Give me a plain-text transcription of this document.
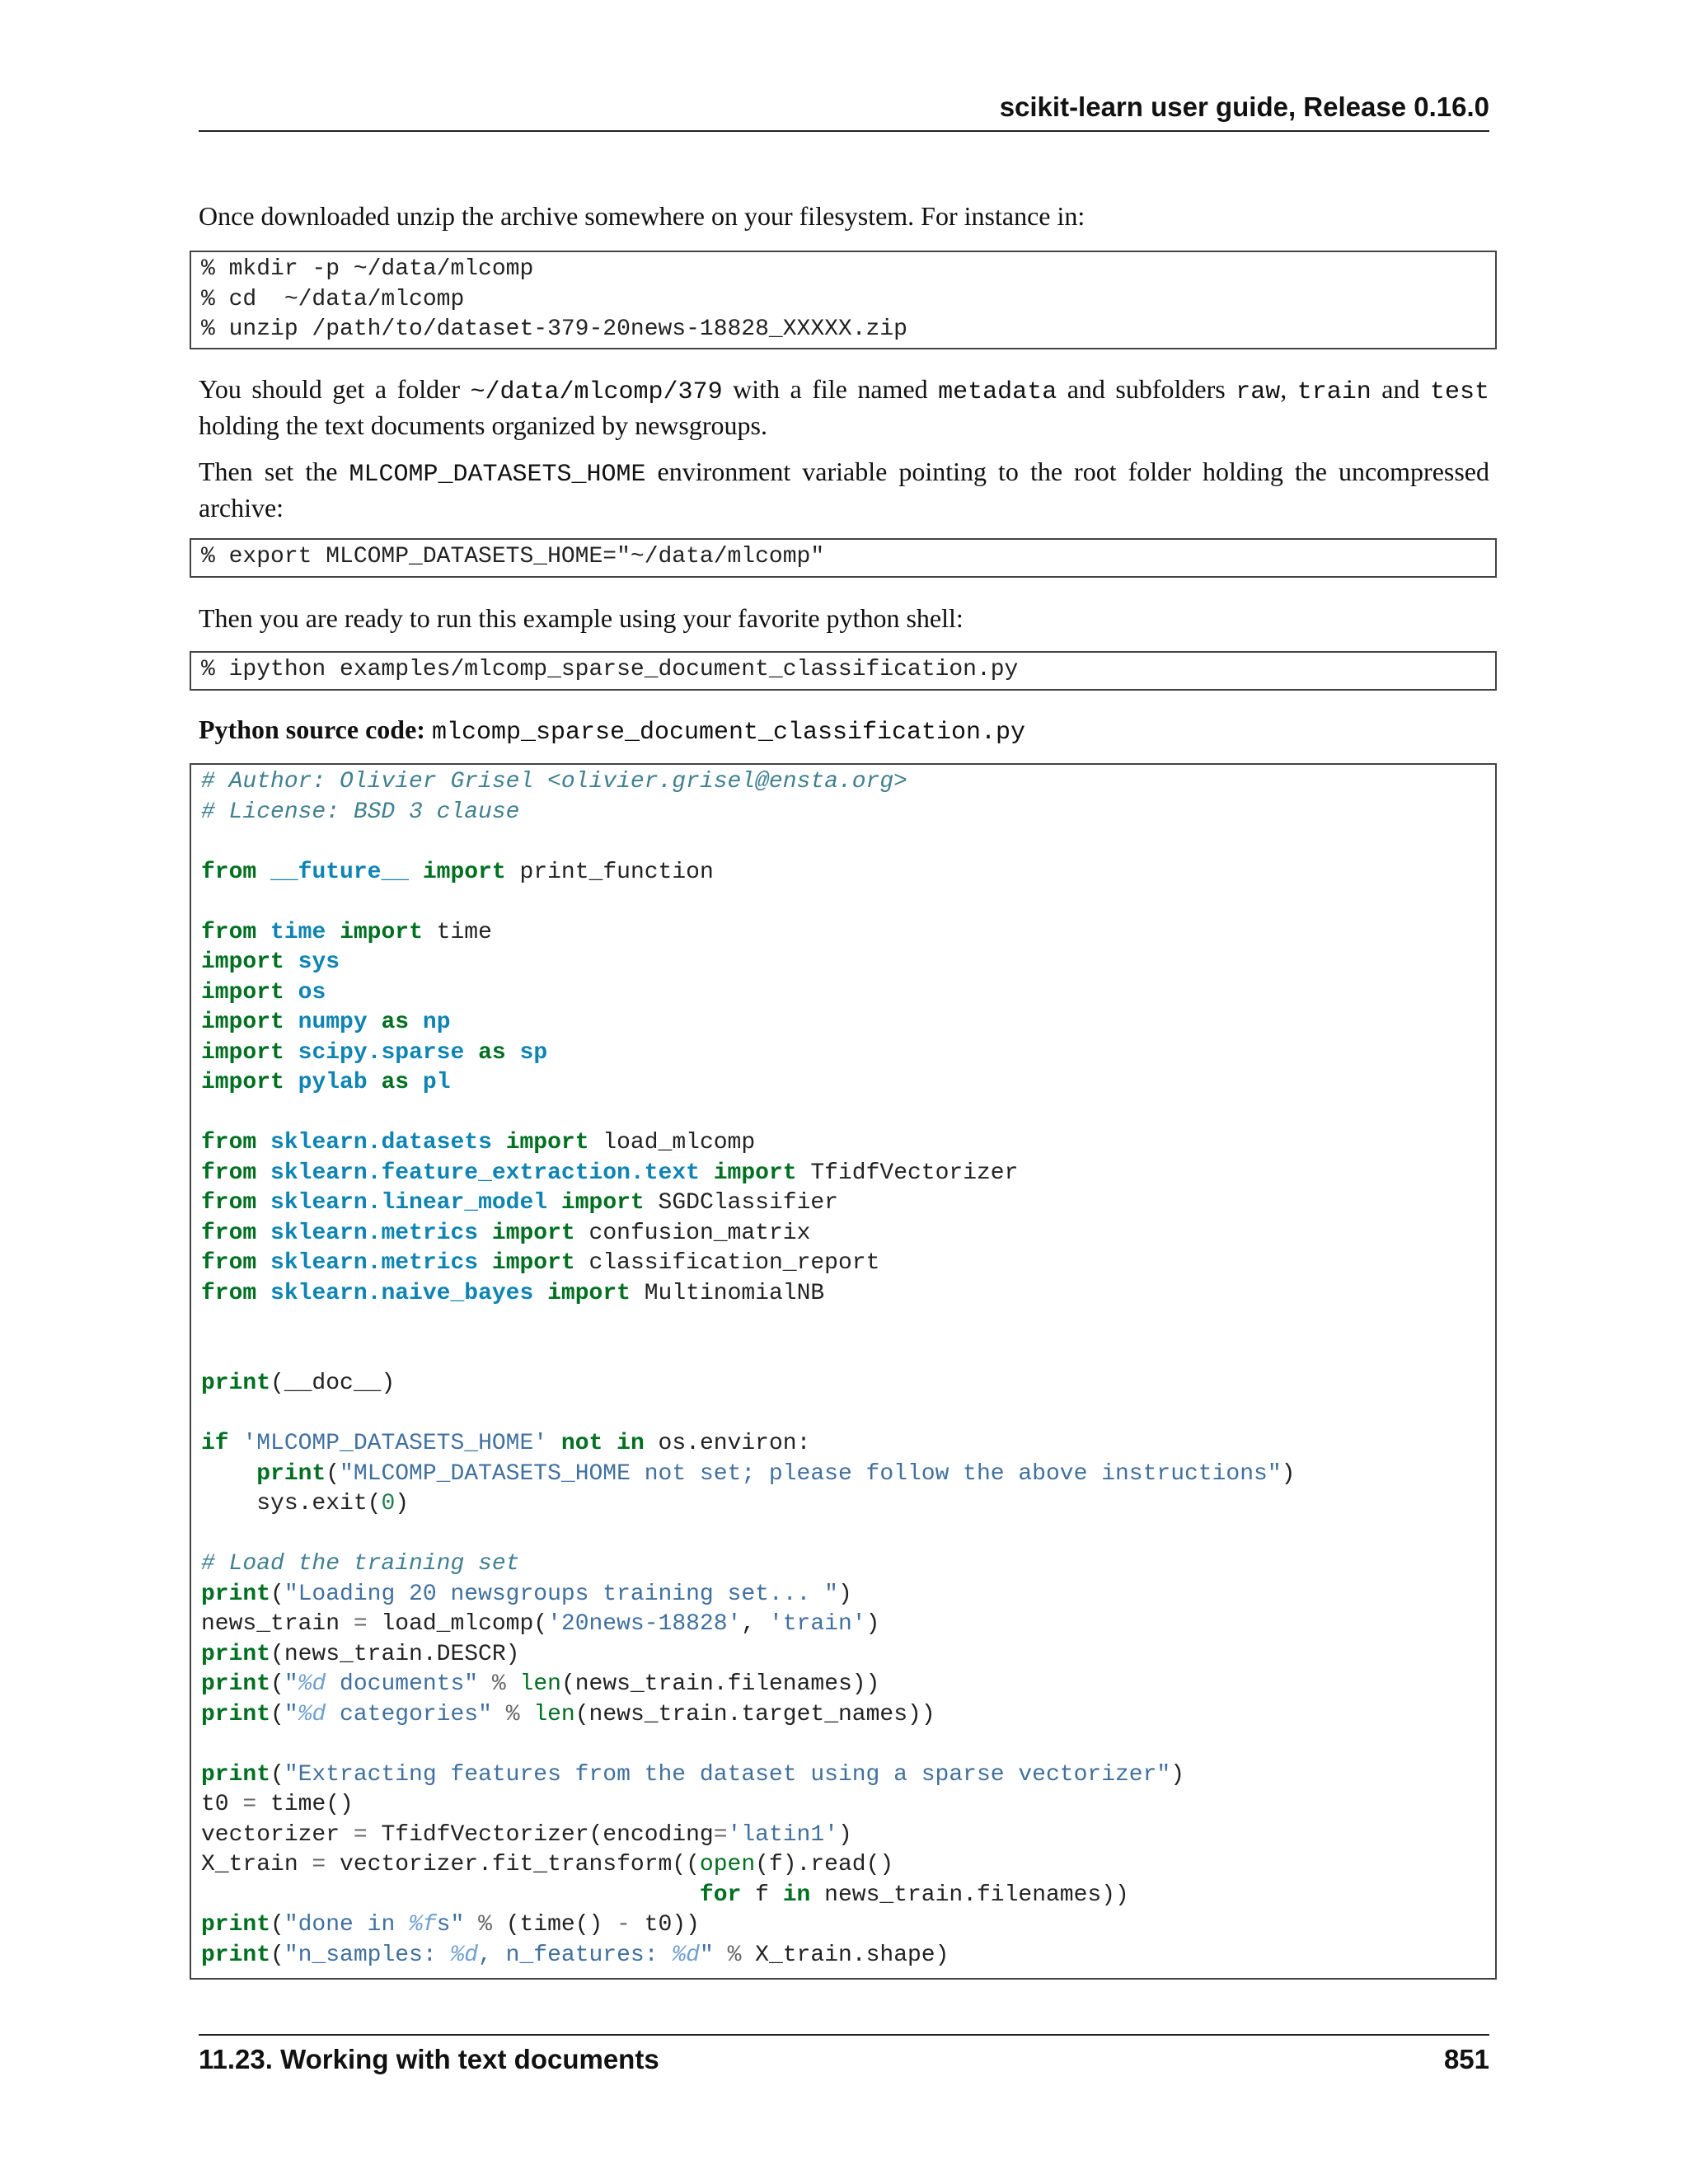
scikit-learn user guide, Release 0.16.0
Once downloaded unzip the archive somewhere on your filesystem. For instance in:
% mkdir -p ~/data/mlcomp
% cd  ~/data/mlcomp
% unzip /path/to/dataset-379-20news-18828_XXXXX.zip
You should get a folder ~/data/mlcomp/379 with a file named metadata and subfolders raw, train and test holding the text documents organized by newsgroups.
Then set the MLCOMP_DATASETS_HOME environment variable pointing to the root folder holding the uncompressed archive:
% export MLCOMP_DATASETS_HOME="~/data/mlcomp"
Then you are ready to run this example using your favorite python shell:
% ipython examples/mlcomp_sparse_document_classification.py
Python source code: mlcomp_sparse_document_classification.py
# Author: Olivier Grisel <olivier.grisel@ensta.org>
# License: BSD 3 clause

from __future__ import print_function

from time import time
import sys
import os
import numpy as np
import scipy.sparse as sp
import pylab as pl

from sklearn.datasets import load_mlcomp
from sklearn.feature_extraction.text import TfidfVectorizer
from sklearn.linear_model import SGDClassifier
from sklearn.metrics import confusion_matrix
from sklearn.metrics import classification_report
from sklearn.naive_bayes import MultinomialNB

print(__doc__)

if 'MLCOMP_DATASETS_HOME' not in os.environ:
print("MLCOMP_DATASETS_HOME not set; please follow the above instructions")
sys.exit(0)

# Load the training set
print("Loading 20 newsgroups training set... ")
news_train = load_mlcomp('20news-18828', 'train')
print(news_train.DESCR)
print("%d documents" % len(news_train.filenames))
print("%d categories" % len(news_train.target_names))

print("Extracting features from the dataset using a sparse vectorizer")
t0 = time()
vectorizer = TfidfVectorizer(encoding='latin1')
X_train = vectorizer.fit_transform((open(f).read()
for f in news_train.filenames))
print("done in %fs" % (time() - t0))
print("n_samples: %d, n_features: %d" % X_train.shape)
11.23. Working with text documents	851
